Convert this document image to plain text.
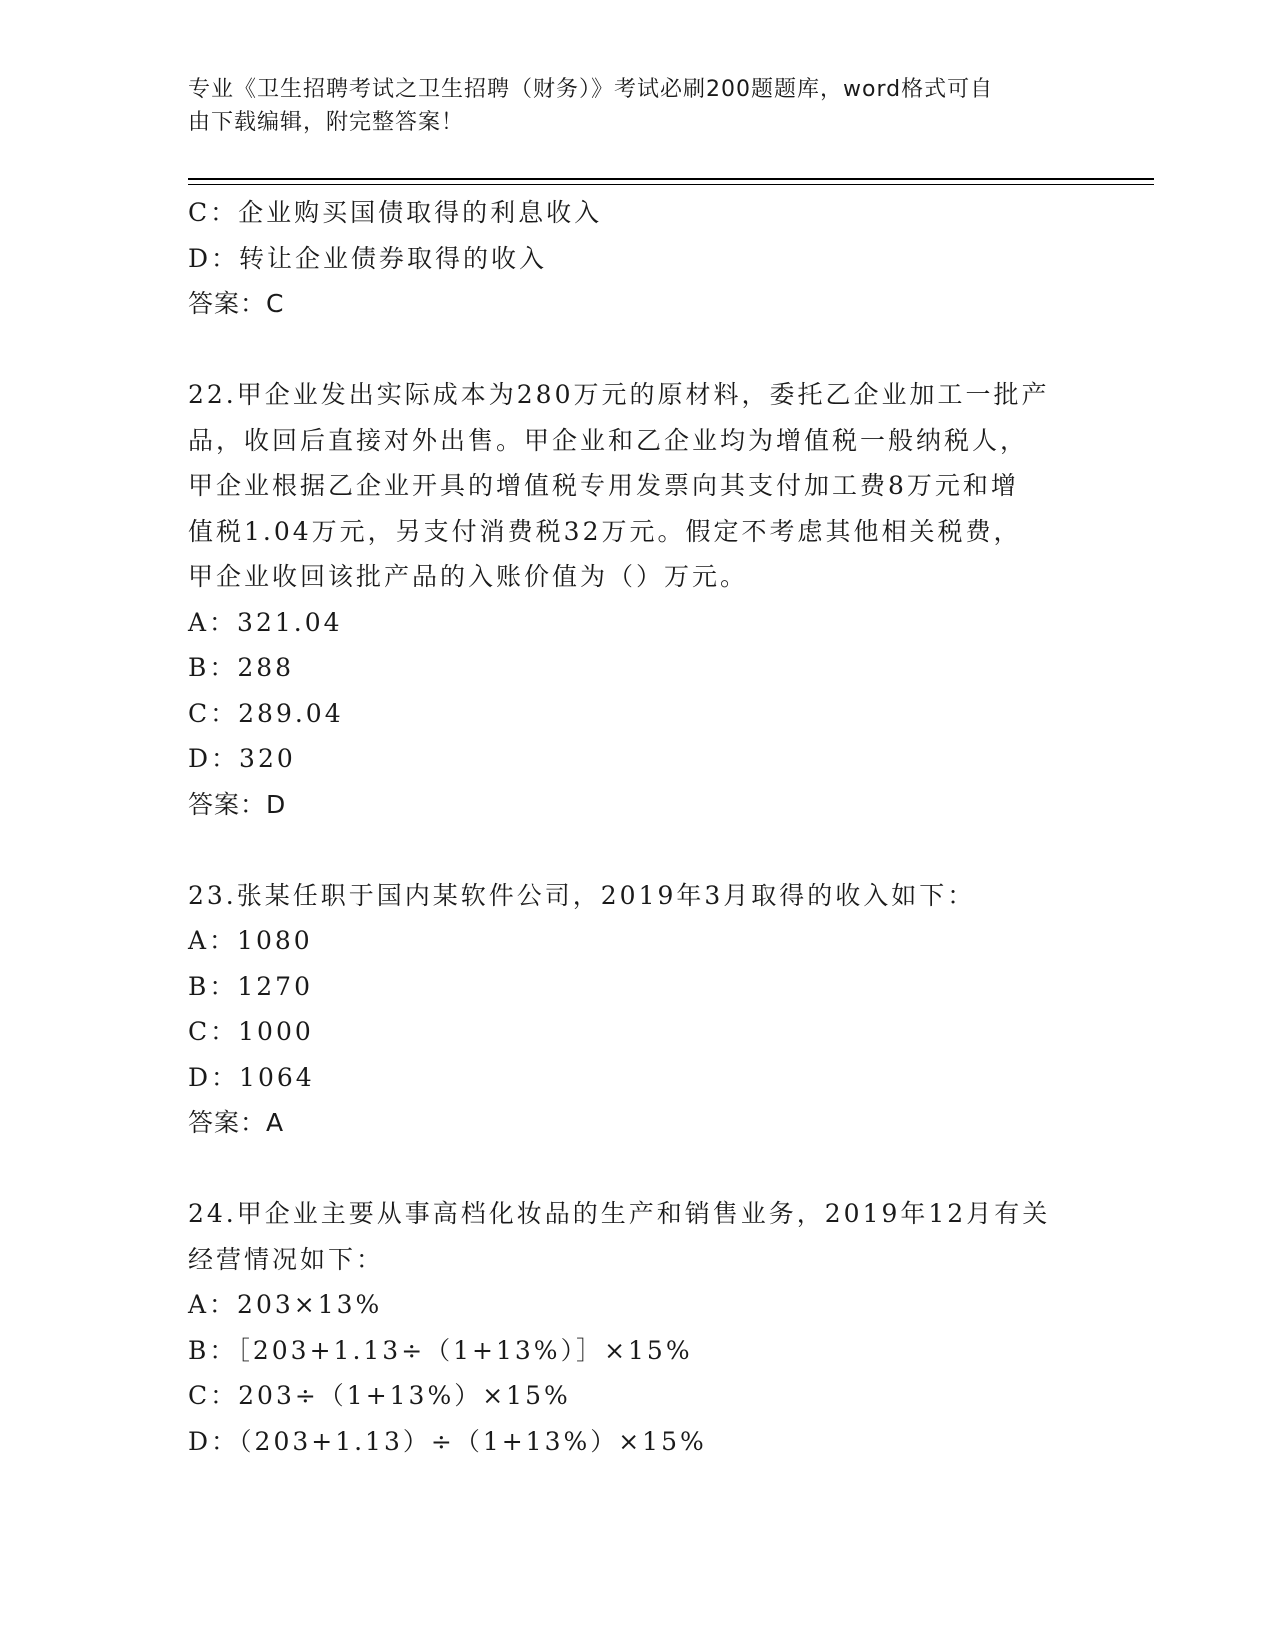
专业《卫生招聘考试之卫生招聘（财务）》考试必刷200题题库，word格式可自
由下载编辑，附完整答案！
C：企业购买国债取得的利息收入
D：转让企业债券取得的收入
答案：C
22.甲企业发出实际成本为280万元的原材料，委托乙企业加工一批产
品，收回后直接对外出售。甲企业和乙企业均为增值税一般纳税人，
甲企业根据乙企业开具的增值税专用发票向其支付加工费8万元和增
值税1.04万元，另支付消费税32万元。假定不考虑其他相关税费，
甲企业收回该批产品的入账价值为（）万元。
A：321.04
B：288
C：289.04
D：320
答案：D
23.张某任职于国内某软件公司，2019年3月取得的收入如下：
A：1080
B：1270
C：1000
D：1064
答案：A
24.甲企业主要从事高档化妆品的生产和销售业务，2019年12月有关
经营情况如下：
A：203×13%
B：［203+1.13÷（1+13%）］×15%
C：203÷（1+13%）×15%
D：（203+1.13）÷（1+13%）×15%
